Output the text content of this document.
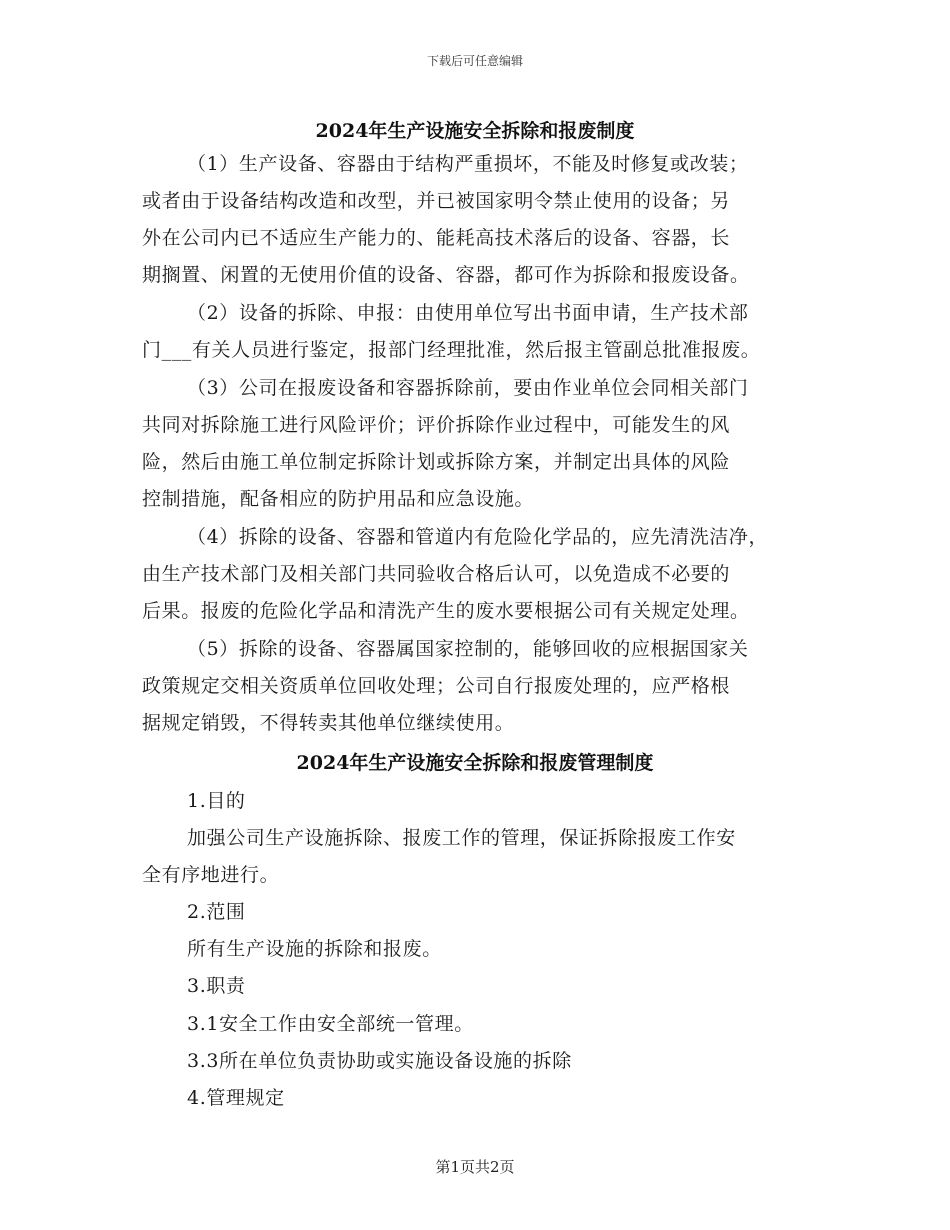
下载后可任意编辑
2024年生产设施安全拆除和报废制度
（1）生产设备、容器由于结构严重损坏，不能及时修复或改装；
或者由于设备结构改造和改型，并已被国家明令禁止使用的设备；另
外在公司内已不适应生产能力的、能耗高技术落后的设备、容器，长
期搁置、闲置的无使用价值的设备、容器，都可作为拆除和报废设备。
（2）设备的拆除、申报：由使用单位写出书面申请，生产技术部
门___有关人员进行鉴定，报部门经理批准，然后报主管副总批准报废。
（3）公司在报废设备和容器拆除前，要由作业单位会同相关部门
共同对拆除施工进行风险评价；评价拆除作业过程中，可能发生的风
险，然后由施工单位制定拆除计划或拆除方案，并制定出具体的风险
控制措施，配备相应的防护用品和应急设施。
（4）拆除的设备、容器和管道内有危险化学品的，应先清洗洁净，
由生产技术部门及相关部门共同验收合格后认可，以免造成不必要的
后果。报废的危险化学品和清洗产生的废水要根据公司有关规定处理。
（5）拆除的设备、容器属国家控制的，能够回收的应根据国家关
政策规定交相关资质单位回收处理；公司自行报废处理的，应严格根
据规定销毁，不得转卖其他单位继续使用。
2024年生产设施安全拆除和报废管理制度
1.目的
加强公司生产设施拆除、报废工作的管理，保证拆除报废工作安
全有序地进行。
2.范围
所有生产设施的拆除和报废。
3.职责
3.1安全工作由安全部统一管理。
3.3所在单位负责协助或实施设备设施的拆除
4.管理规定
第1页共2页
